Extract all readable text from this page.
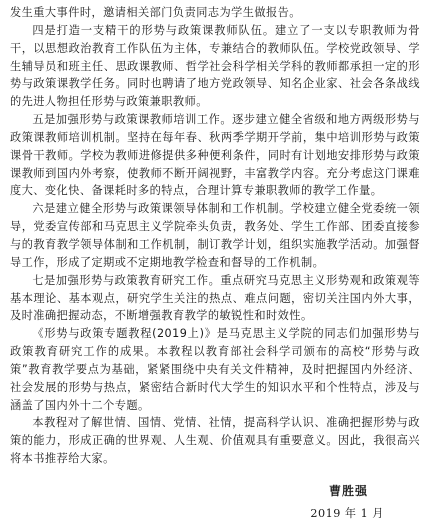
发生重大事件时，邀请相关部门负责同志为学生做报告。

四是打造一支精干的形势与政策课教师队伍。建立了一支以专职教师为骨干，以思想政治教育工作队伍为主体，专兼结合的教师队伍。学校党政领导、学生辅导员和班主任、思政课教师、哲学社会科学相关学科的教师都承担一定的形势与政策课教学任务。同时也聘请了地方党政领导、知名企业家、社会各条战线的先进人物担任形势与政策兼职教师。

五是加强形势与政策课教师培训工作。逐步建立健全省级和地方两级形势与政策课教师培训机制。坚持在每年春、秋两季学期开学前，集中培训形势与政策课骨干教师。学校为教师进修提供多种便利条件，同时有计划地安排形势与政策课教师到国内外考察，使教师不断开阔视野，丰富教学内容。充分考虑这门课难度大、变化快、备课耗时多的特点，合理计算专兼职教师的教学工作量。

六是建立健全形势与政策课领导体制和工作机制。学校建立健全党委统一领导，党委宣传部和马克思主义学院牵头负责，教务处、学生工作部、团委直接参与的教育教学领导体制和工作机制，制订教学计划，组织实施教学活动。加强督导工作，形成了定期或不定期地教学检查和督导的工作机制。

七是加强形势与政策教育研究工作。重点研究马克思主义形势观和政策观等基本理论、基本观点，研究学生关注的热点、难点问题，密切关注国内外大事，及时准确把握动态，不断增强教育教学的敏锐性和时效性。

《形势与政策专题教程(2019上)》是马克思主义学院的同志们加强形势与政策教育研究工作的成果。本教程以教育部社会科学司颁布的高校“形势与政策”教育教学要点为基础，紧紧围绕中央有关文件精神，及时把握国内外经济、社会发展的形势与热点，紧密结合新时代大学生的知识水平和个性特点，涉及与涵盖了国内外十二个专题。

本教程对了解世情、国情、党情、社情，提高科学认识、准确把握形势与政策的能力，形成正确的世界观、人生观、价值观具有重要意义。因此，我很高兴将本书推荐给大家。

曹胜强
2019 年 1 月
